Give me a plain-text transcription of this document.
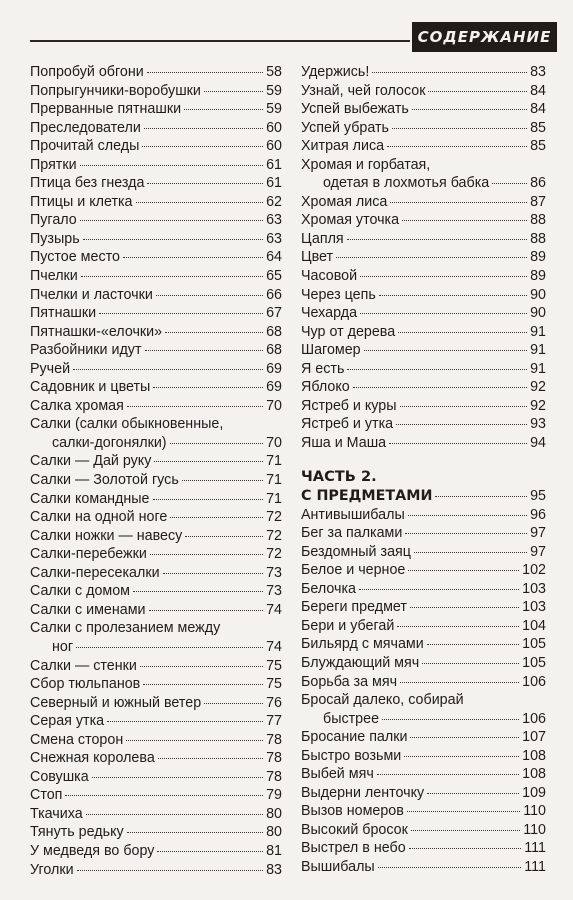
СОДЕРЖАНИЕ
Попробуй обгони	58
Попрыгунчики-воробушки	59
Прерванные пятнашки	59
Преследователи	60
Прочитай следы	60
Прятки	61
Птица без гнезда	61
Птицы и клетка	62
Пугало	63
Пузырь	63
Пустое место	64
Пчелки	65
Пчелки и ласточки	66
Пятнашки	67
Пятнашки-«елочки»	68
Разбойники идут	68
Ручей	69
Садовник и цветы	69
Салка хромая	70
Салки (салки обыкновенные,
салки-догонялки)	70
Салки — Дай руку	71
Салки — Золотой гусь	71
Салки командные	71
Салки на одной ноге	72
Салки ножки — навесу	72
Салки-перебежки	72
Салки-пересекалки	73
Салки с домом	73
Салки с именами	74
Салки с пролезанием между
ног	74
Салки — стенки	75
Сбор тюльпанов	75
Северный и южный ветер	76
Серая утка	77
Смена сторон	78
Снежная королева	78
Совушка	78
Стоп	79
Ткачиха	80
Тянуть редьку	80
У медведя во бору	81
Уголки	83
Удержись!	83
Узнай, чей голосок	84
Успей выбежать	84
Успей убрать	85
Хитрая лиса	85
Хромая и горбатая,
одетая в лохмотья бабка	86
Хромая лиса	87
Хромая уточка	88
Цапля	88
Цвет	89
Часовой	89
Через цепь	90
Чехарда	90
Чур от дерева	91
Шагомер	91
Я есть	91
Яблоко	92
Ястреб и куры	92
Ястреб и утка	93
Яша и Маша	94
ЧАСТЬ 2.
С ПРЕДМЕТАМИ	95
Антивышибалы	96
Бег за палками	97
Бездомный заяц	97
Белое и черное	102
Белочка	103
Береги предмет	103
Бери и убегай	104
Бильярд с мячами	105
Блуждающий мяч	105
Борьба за мяч	106
Бросай далеко, собирай
быстрее	106
Бросание палки	107
Быстро возьми	108
Выбей мяч	108
Выдерни ленточку	109
Вызов номеров	110
Высокий бросок	110
Выстрел в небо	111
Вышибалы	111
